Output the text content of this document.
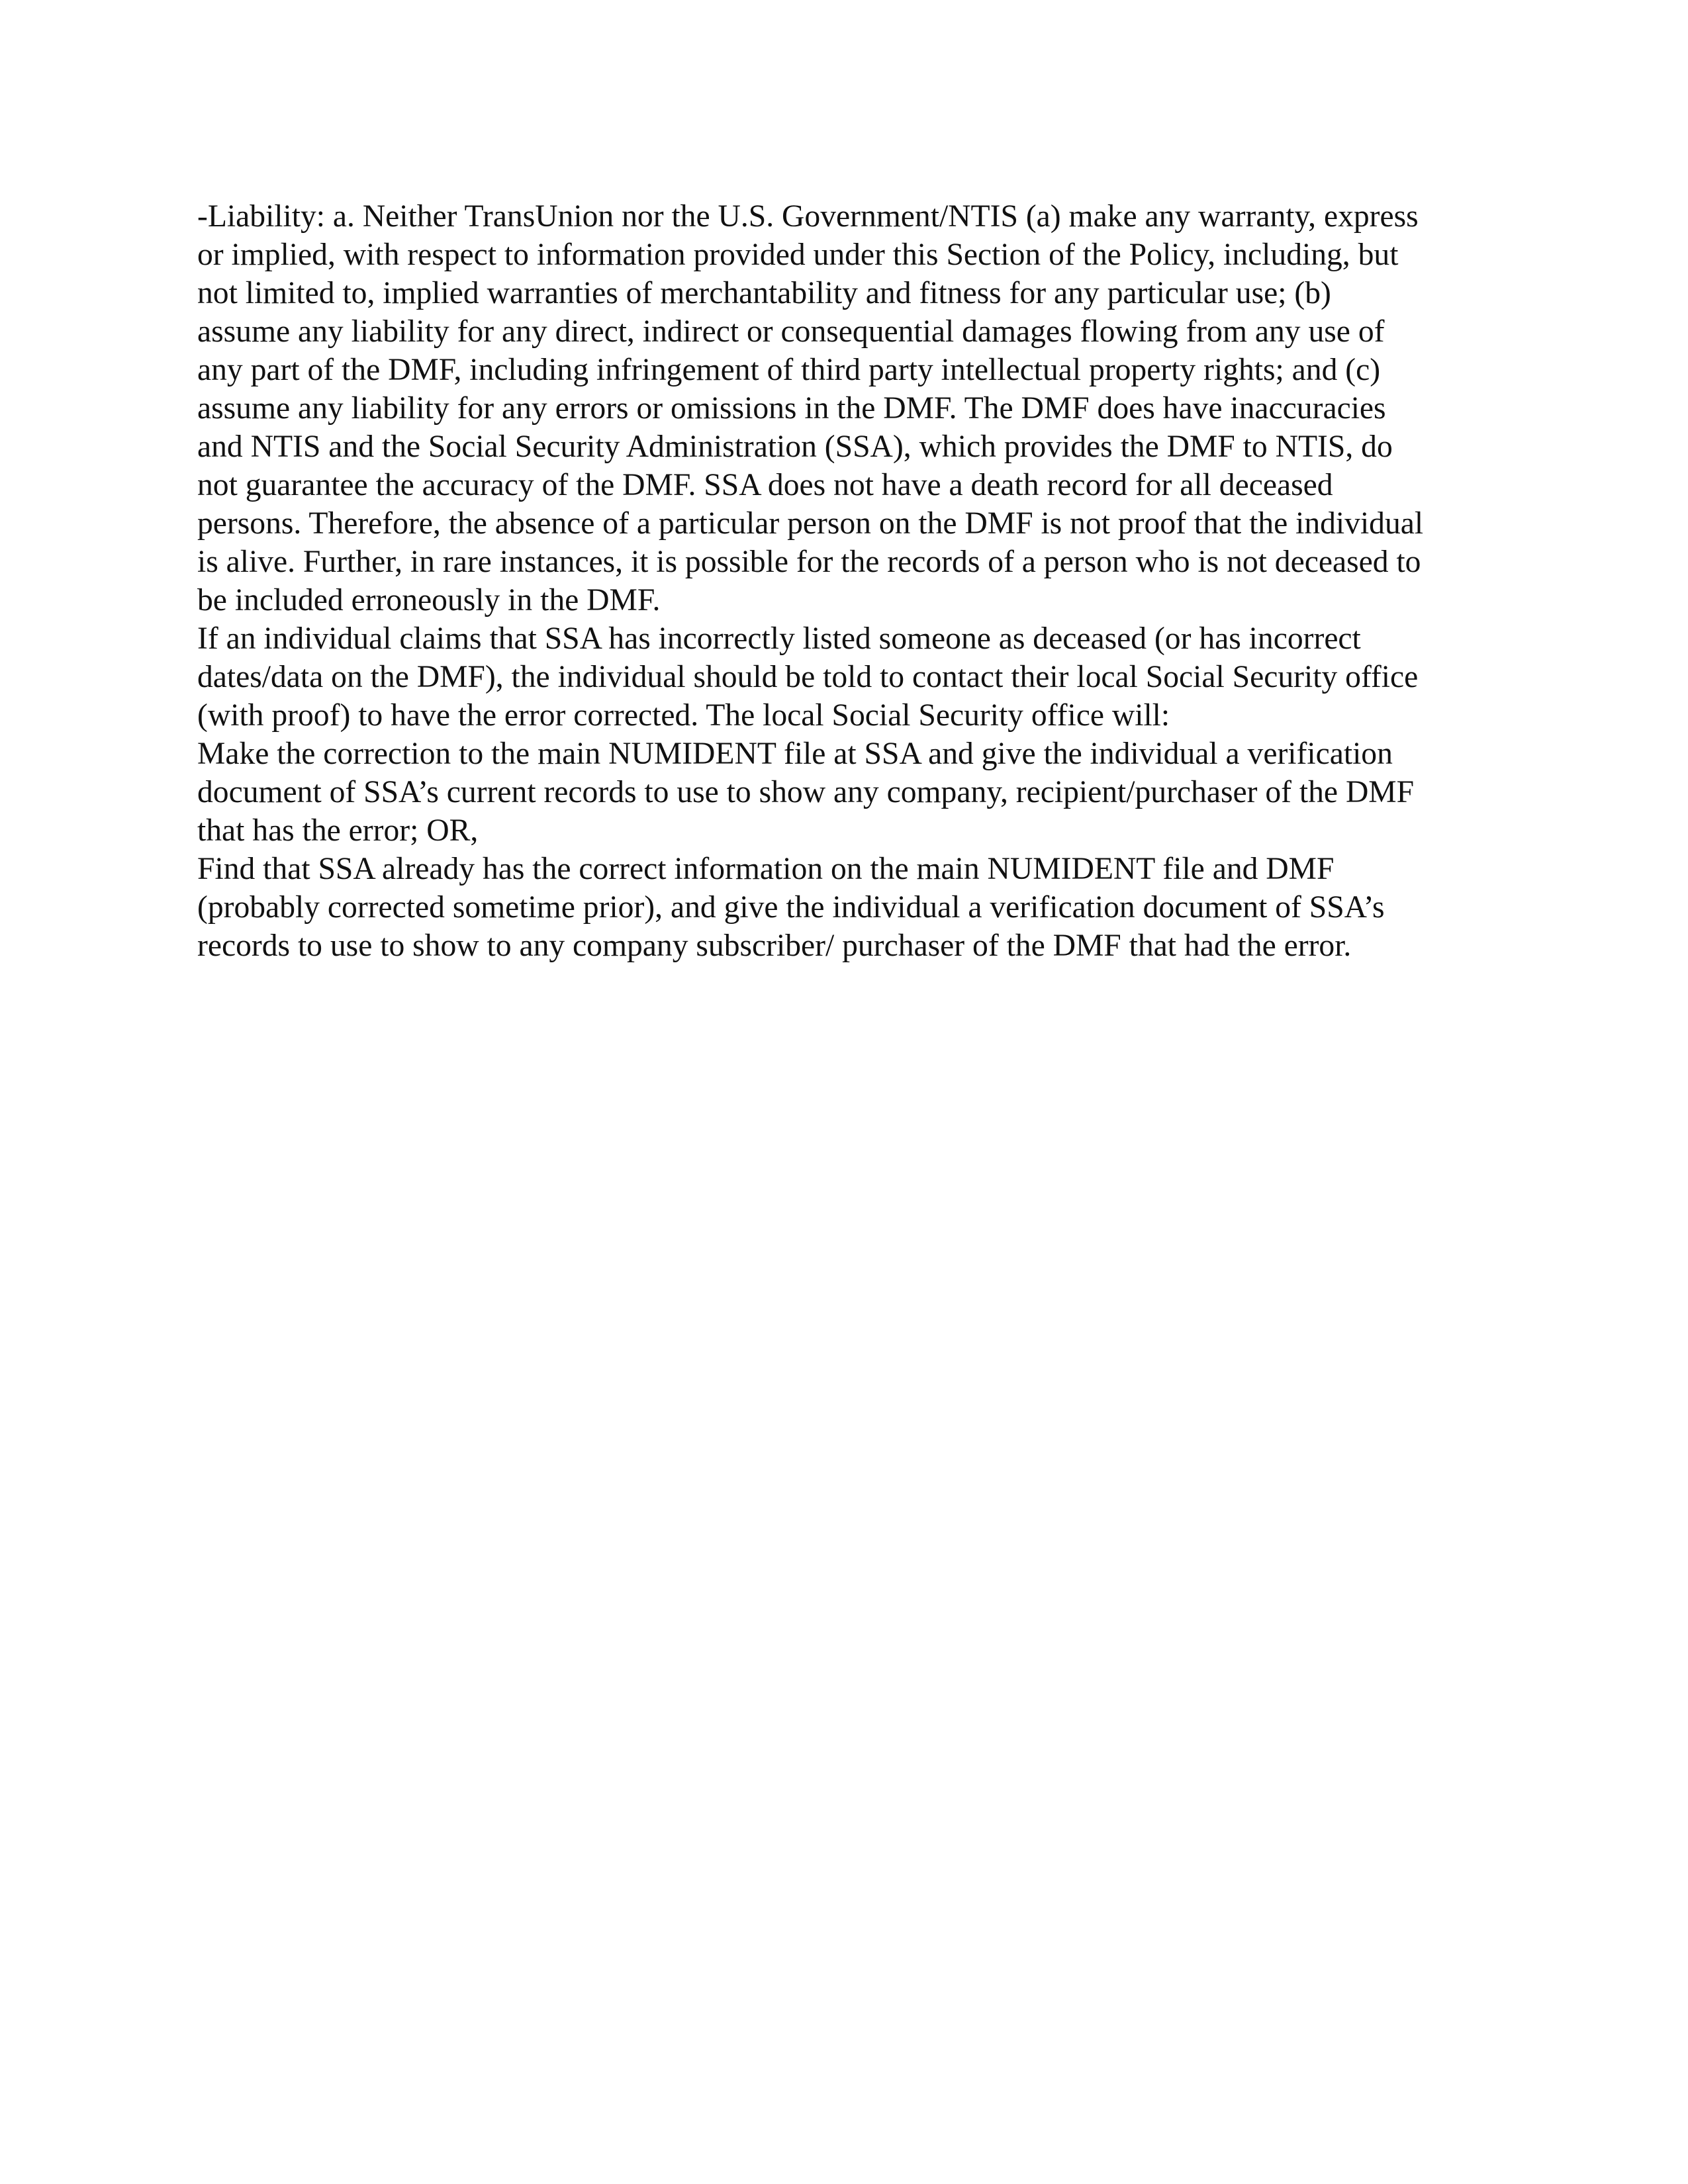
-Liability: a. Neither TransUnion nor the U.S. Government/NTIS (a) make any warranty, express
or implied, with respect to information provided under this Section of the Policy, including, but
not limited to, implied warranties of merchantability and fitness for any particular use; (b)
assume any liability for any direct, indirect or consequential damages flowing from any use of
any part of the DMF, including infringement of third party intellectual property rights; and (c)
assume any liability for any errors or omissions in the DMF. The DMF does have inaccuracies
and NTIS and the Social Security Administration (SSA), which provides the DMF to NTIS, do
not guarantee the accuracy of the DMF. SSA does not have a death record for all deceased
persons. Therefore, the absence of a particular person on the DMF is not proof that the individual
is alive. Further, in rare instances, it is possible for the records of a person who is not deceased to
be included erroneously in the DMF.
If an individual claims that SSA has incorrectly listed someone as deceased (or has incorrect
dates/data on the DMF), the individual should be told to contact their local Social Security office
(with proof) to have the error corrected. The local Social Security office will:
Make the correction to the main NUMIDENT file at SSA and give the individual a verification
document of SSA’s current records to use to show any company, recipient/purchaser of the DMF
that has the error; OR,
Find that SSA already has the correct information on the main NUMIDENT file and DMF
(probably corrected sometime prior), and give the individual a verification document of SSA’s
records to use to show to any company subscriber/ purchaser of the DMF that had the error.
